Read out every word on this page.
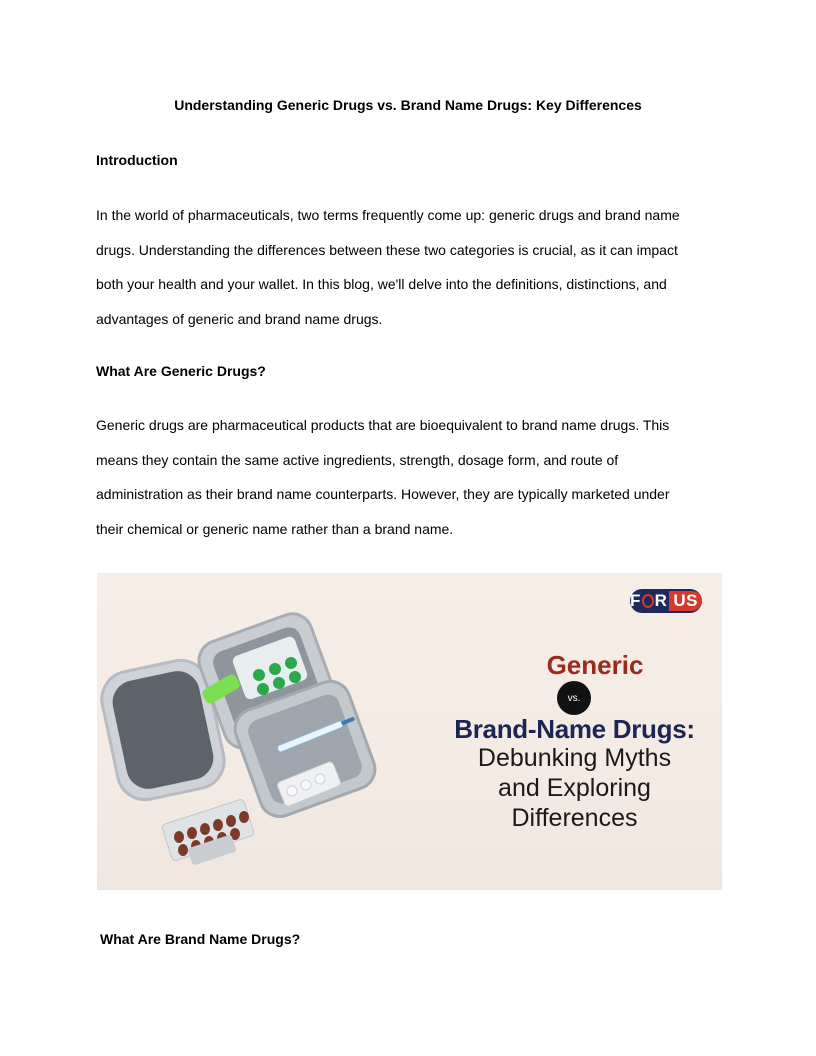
Understanding Generic Drugs vs. Brand Name Drugs: Key Differences
Introduction
In the world of pharmaceuticals, two terms frequently come up: generic drugs and brand name
drugs. Understanding the differences between these two categories is crucial, as it can impact
both your health and your wallet. In this blog, we'll delve into the definitions, distinctions, and
advantages of generic and brand name drugs.
What Are Generic Drugs?
Generic drugs are pharmaceutical products that are bioequivalent to brand name drugs. This
means they contain the same active ingredients, strength, dosage form, and route of
administration as their brand name counterparts. However, they are typically marketed under
their chemical or generic name rather than a brand name.
F R US
Generic
vs.
Brand-Name Drugs:
Debunking Myths
and Exploring
Differences
What Are Brand Name Drugs?
